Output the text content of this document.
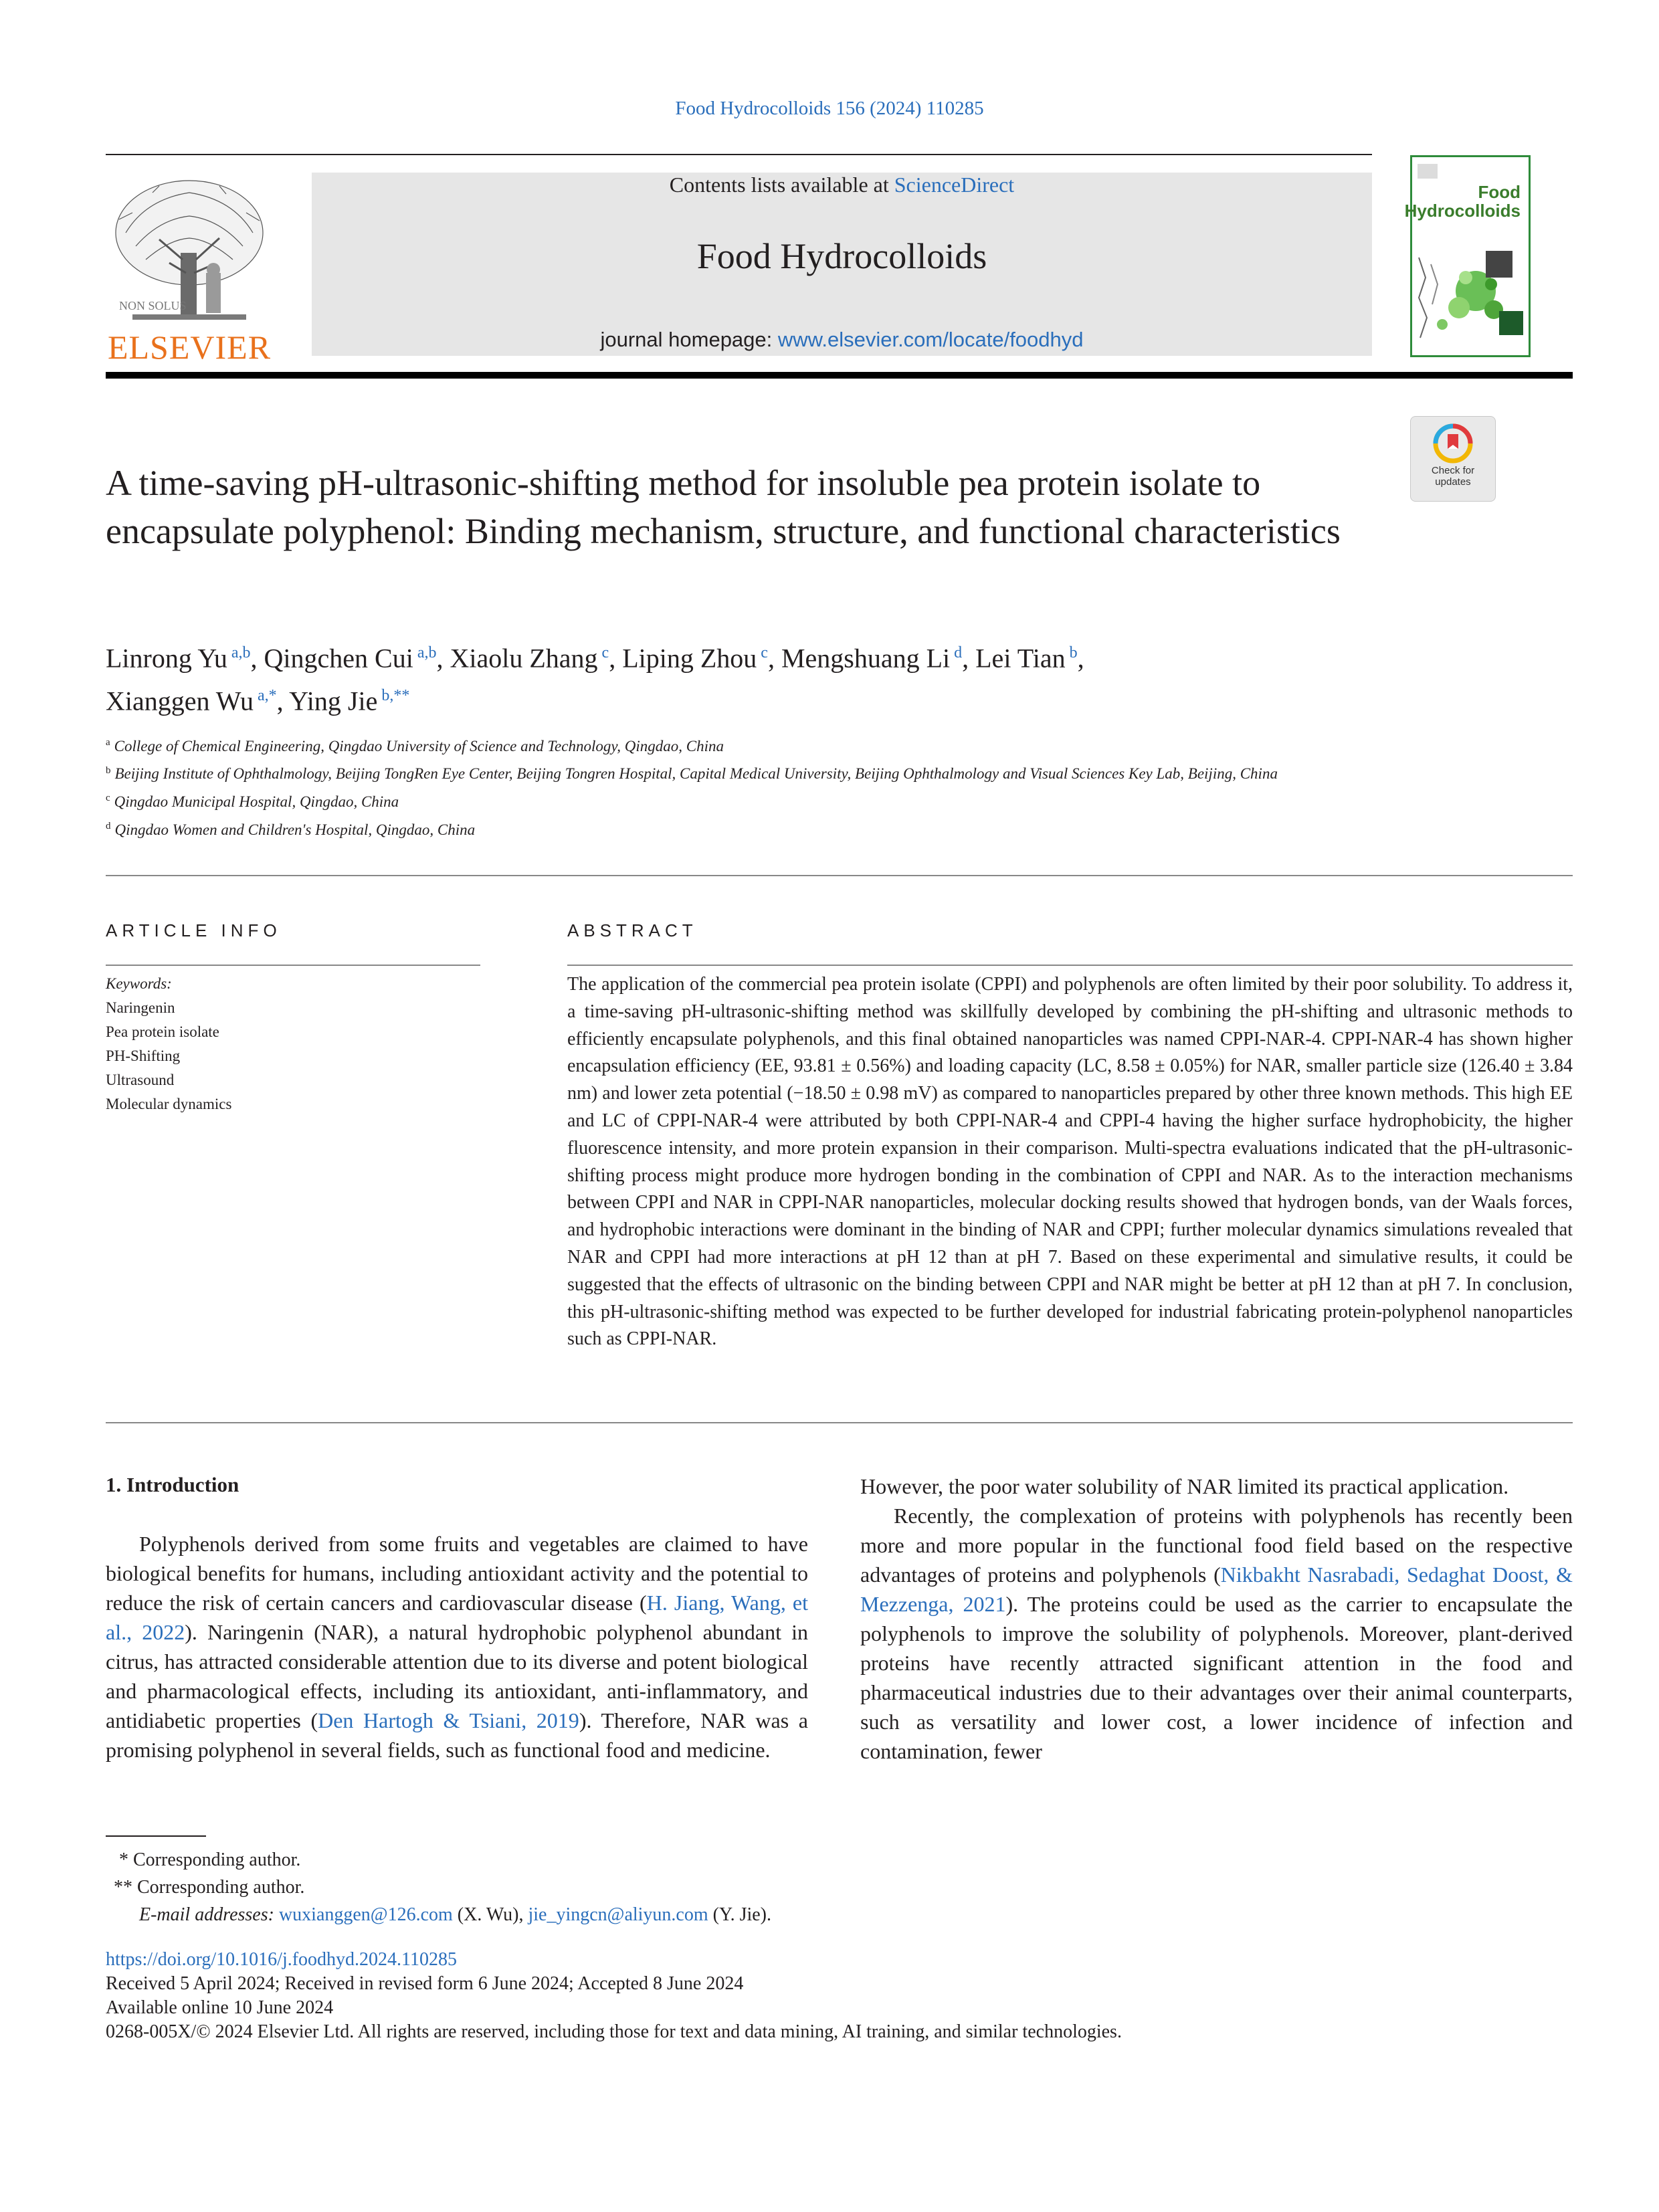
Food Hydrocolloids 156 (2024) 110285
NON SOLUS
ELSEVIER
Contents lists available at ScienceDirect
Food Hydrocolloids
journal homepage: www.elsevier.com/locate/foodhyd
Food
Hydrocolloids
Check for
updates
A time-saving pH-ultrasonic-shifting method for insoluble pea protein isolate to encapsulate polyphenol: Binding mechanism, structure, and functional characteristics
Linrong Yu $^{a,b}$, Qingchen Cui $^{a,b}$, Xiaolu Zhang $^c$, Liping Zhou $^c$, Mengshuang Li $^d$, Lei Tian $^b$,
Xianggen Wu $^{a,*}$, Ying Jie $^{b,**}$
$^a$ College of Chemical Engineering, Qingdao University of Science and Technology, Qingdao, China
$^b$ Beijing Institute of Ophthalmology, Beijing TongRen Eye Center, Beijing Tongren Hospital, Capital Medical University, Beijing Ophthalmology and Visual Sciences Key Lab, Beijing, China
$^c$ Qingdao Municipal Hospital, Qingdao, China
$^d$ Qingdao Women and Children's Hospital, Qingdao, China
ARTICLE INFO	ABSTRACT
Keywords:
Naringenin
Pea protein isolate
PH-Shifting
Ultrasound
Molecular dynamics

The application of the commercial pea protein isolate (CPPI) and polyphenols are often limited by their poor solubility. To address it, a time-saving pH-ultrasonic-shifting method was skillfully developed by combining the pH-shifting and ultrasonic methods to efficiently encapsulate polyphenols, and this final obtained nanoparticles was named CPPI-NAR-4. CPPI-NAR-4 has shown higher encapsulation efficiency (EE, 93.81 ± 0.56%) and loading capacity (LC, 8.58 ± 0.05%) for NAR, smaller particle size (126.40 ± 3.84 nm) and lower zeta potential (−18.50 ± 0.98 mV) as compared to nanoparticles prepared by other three known methods. This high EE and LC of CPPI-NAR-4 were attributed by both CPPI-NAR-4 and CPPI-4 having the higher surface hydrophobicity, the higher fluorescence intensity, and more protein expansion in their comparison. Multi-spectra evaluations indicated that the pH-ultrasonic-shifting process might produce more hydrogen bonding in the combination of CPPI and NAR. As to the interaction mechanisms between CPPI and NAR in CPPI-NAR nanoparticles, molecular docking results showed that hydrogen bonds, van der Waals forces, and hydrophobic interactions were dominant in the binding of NAR and CPPI; further molecular dynamics simulations revealed that NAR and CPPI had more interactions at pH 12 than at pH 7. Based on these experimental and simulative results, it could be suggested that the effects of ultrasonic on the binding between CPPI and NAR might be better at pH 12 than at pH 7. In conclusion, this pH-ultrasonic-shifting method was expected to be further developed for industrial fabricating protein-polyphenol nanoparticles such as CPPI-NAR.

1. Introduction

Polyphenols derived from some fruits and vegetables are claimed to have biological benefits for humans, including antioxidant activity and the potential to reduce the risk of certain cancers and cardiovascular disease (H. Jiang, Wang, et al., 2022). Naringenin (NAR), a natural hydrophobic polyphenol abundant in citrus, has attracted considerable attention due to its diverse and potent biological and pharmacological effects, including its antioxidant, anti-inflammatory, and antidiabetic properties (Den Hartogh & Tsiani, 2019). Therefore, NAR was a promising polyphenol in several fields, such as functional food and medicine.

However, the poor water solubility of NAR limited its practical application.

Recently, the complexation of proteins with polyphenols has recently been more and more popular in the functional food field based on the respective advantages of proteins and polyphenols (Nikbakht Nasrabadi, Sedaghat Doost, & Mezzenga, 2021). The proteins could be used as the carrier to encapsulate the polyphenols to improve the solubility of polyphenols. Moreover, plant-derived proteins have recently attracted significant attention in the food and pharmaceutical industries due to their advantages over their animal counterparts, such as versatility and lower cost, a lower incidence of infection and contamination, fewer

* Corresponding author.
** Corresponding author.
E-mail addresses: wuxianggen@126.com (X. Wu), jie_yingcn@aliyun.com (Y. Jie).
https://doi.org/10.1016/j.foodhyd.2024.110285
Received 5 April 2024; Received in revised form 6 June 2024; Accepted 8 June 2024
Available online 10 June 2024
0268-005X/© 2024 Elsevier Ltd. All rights are reserved, including those for text and data mining, AI training, and similar technologies.
